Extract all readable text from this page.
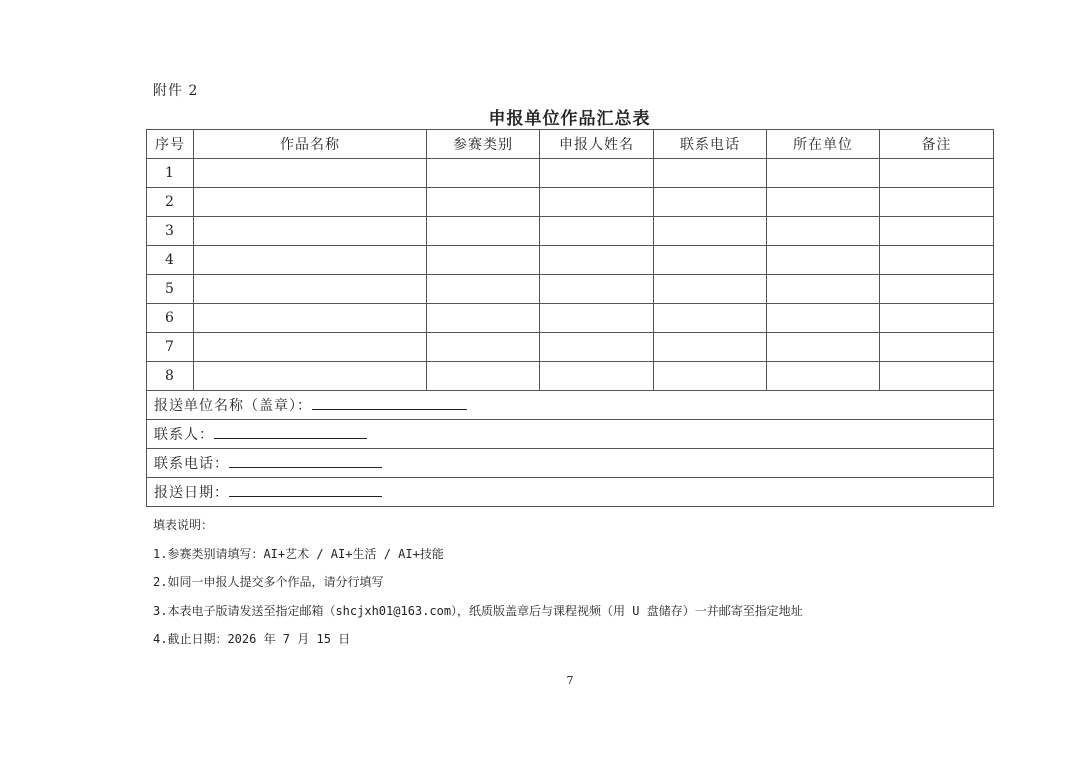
附件 2
申报单位作品汇总表
序号	作品名称	参赛类别	申报人姓名	联系电话	所在单位	备注
1						
2						
3						
4						
5						
6						
7						
8						
报送单位名称（盖章）：						
联系人：						
联系电话：						
报送日期：						
填表说明：
1.参赛类别请填写：AI+艺术 / AI+生活 / AI+技能
2.如同一申报人提交多个作品，请分行填写
3.本表电子版请发送至指定邮箱（shcjxh01@163.com），纸质版盖章后与课程视频（用 U 盘储存）一并邮寄至指定地址
4.截止日期：2026 年 7 月 15 日
7
